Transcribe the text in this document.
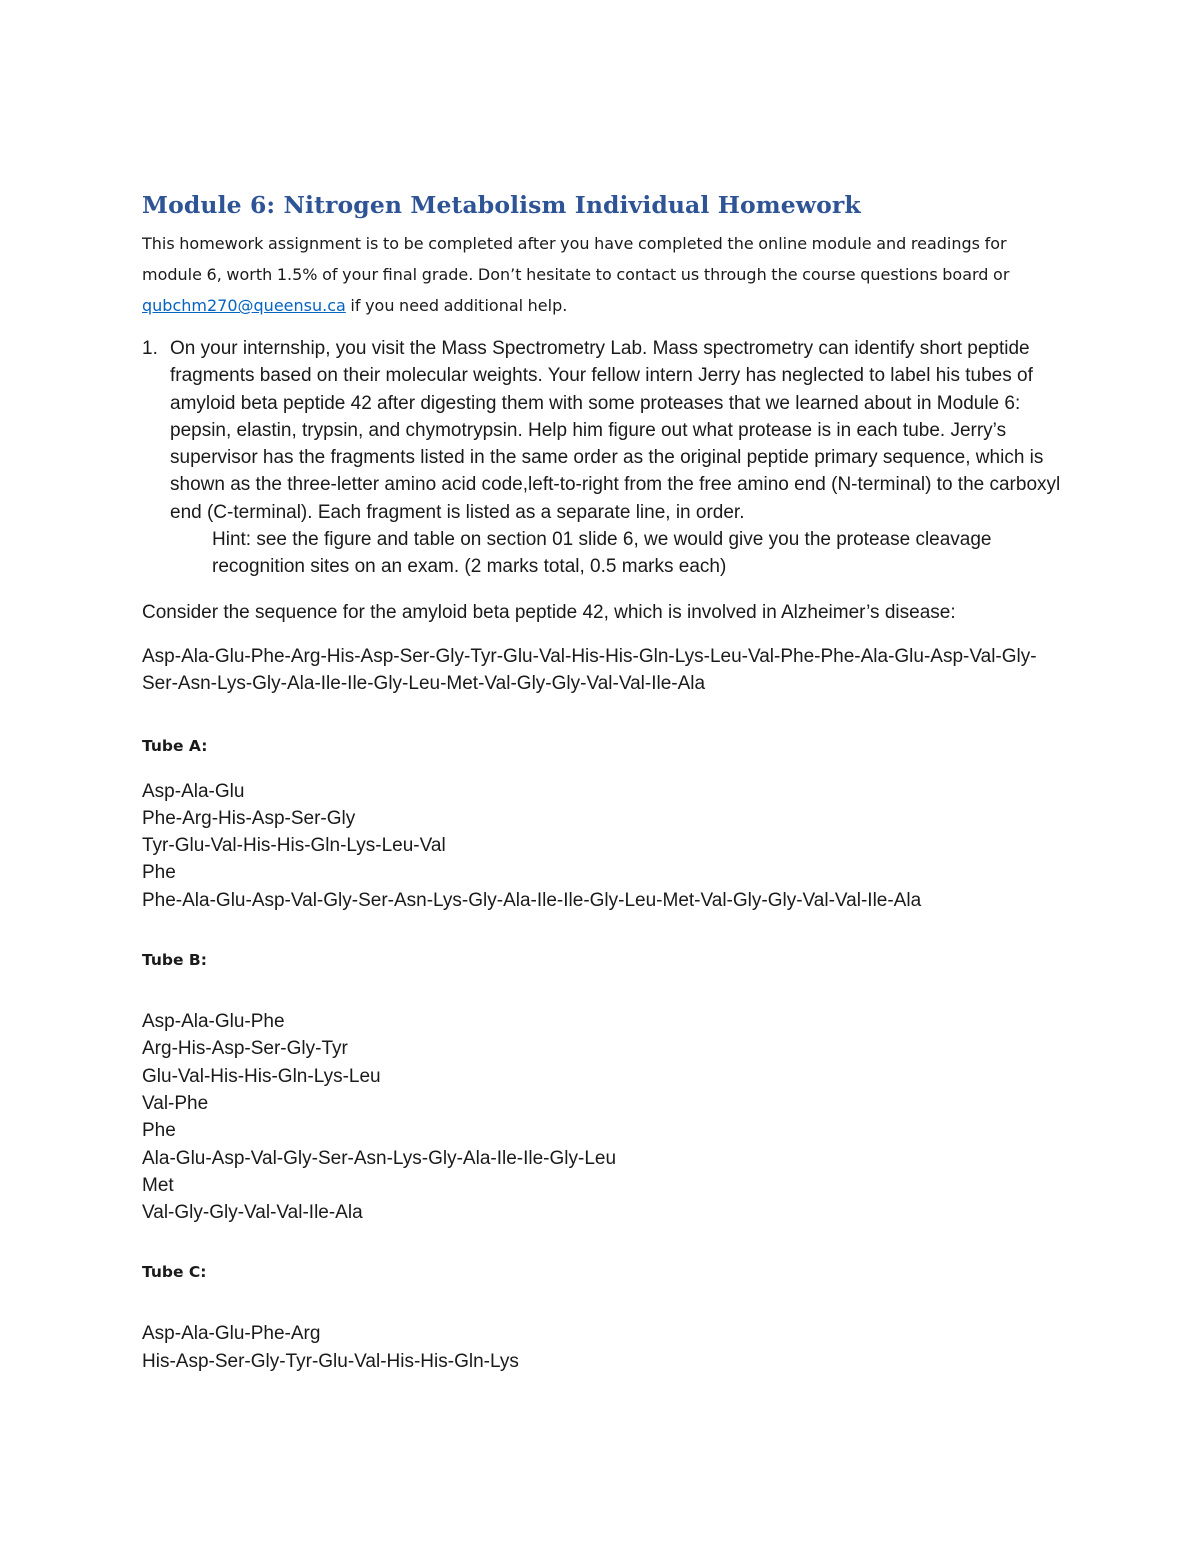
Module 6: Nitrogen Metabolism Individual Homework

This homework assignment is to be completed after you have completed the online module and readings for module 6, worth 1.5% of your final grade. Don’t hesitate to contact us through the course questions board or qubchm270@queensu.ca if you need additional help.

1. On your internship, you visit the Mass Spectrometry Lab. Mass spectrometry can identify short peptide fragments based on their molecular weights. Your fellow intern Jerry has neglected to label his tubes of amyloid beta peptide 42 after digesting them with some proteases that we learned about in Module 6: pepsin, elastin, trypsin, and chymotrypsin. Help him figure out what protease is in each tube. Jerry’s supervisor has the fragments listed in the same order as the original peptide primary sequence, which is shown as the three-letter amino acid code,left-to-right from the free amino end (N-terminal) to the carboxyl end (C-terminal). Each fragment is listed as a separate line, in order.
Hint: see the figure and table on section 01 slide 6, we would give you the protease cleavage recognition sites on an exam. (2 marks total, 0.5 marks each)

Consider the sequence for the amyloid beta peptide 42, which is involved in Alzheimer’s disease:

Asp-Ala-Glu-Phe-Arg-His-Asp-Ser-Gly-Tyr-Glu-Val-His-His-Gln-Lys-Leu-Val-Phe-Phe-Ala-Glu-Asp-Val-Gly-Ser-Asn-Lys-Gly-Ala-Ile-Ile-Gly-Leu-Met-Val-Gly-Gly-Val-Val-Ile-Ala

Tube A:
Asp-Ala-Glu
Phe-Arg-His-Asp-Ser-Gly
Tyr-Glu-Val-His-His-Gln-Lys-Leu-Val
Phe
Phe-Ala-Glu-Asp-Val-Gly-Ser-Asn-Lys-Gly-Ala-Ile-Ile-Gly-Leu-Met-Val-Gly-Gly-Val-Val-Ile-Ala
Tube B:
Asp-Ala-Glu-Phe
Arg-His-Asp-Ser-Gly-Tyr
Glu-Val-His-His-Gln-Lys-Leu
Val-Phe
Phe
Ala-Glu-Asp-Val-Gly-Ser-Asn-Lys-Gly-Ala-Ile-Ile-Gly-Leu
Met
Val-Gly-Gly-Val-Val-Ile-Ala
Tube C:
Asp-Ala-Glu-Phe-Arg
His-Asp-Ser-Gly-Tyr-Glu-Val-His-His-Gln-Lys
